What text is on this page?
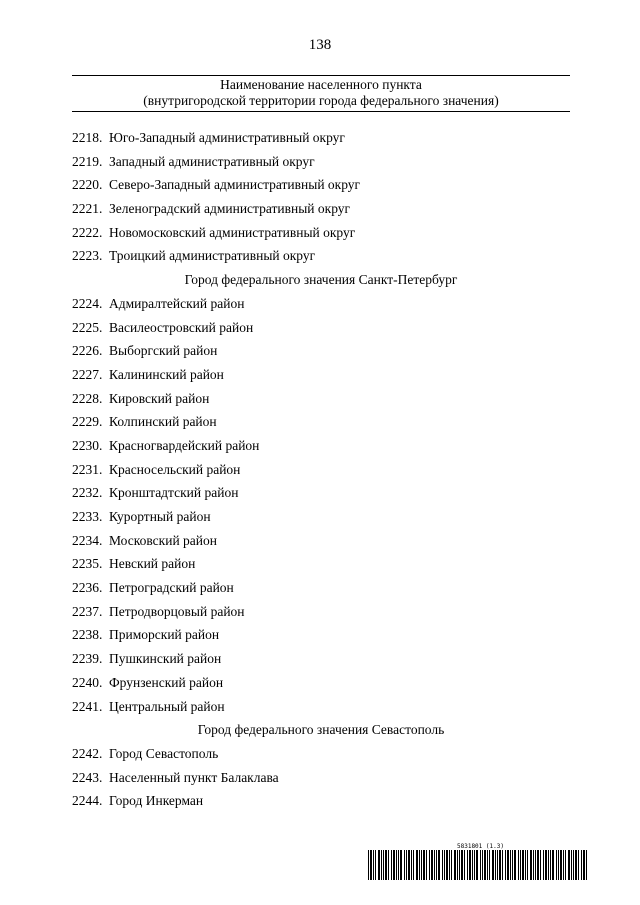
138
Наименование населенного пункта
(внутригородской территории города федерального значения)
2218. Юго-Западный административный округ
2219. Западный административный округ
2220. Северо-Западный административный округ
2221. Зеленоградский административный округ
2222. Новомосковский административный округ
2223. Троицкий административный округ
Город федерального значения Санкт-Петербург
2224. Адмиралтейский район
2225. Василеостровский район
2226. Выборгский район
2227. Калининский район
2228. Кировский район
2229. Колпинский район
2230. Красногвардейский район
2231. Красносельский район
2232. Кронштадтский район
2233. Курортный район
2234. Московский район
2235. Невский район
2236. Петроградский район
2237. Петродворцовый район
2238. Приморский район
2239. Пушкинский район
2240. Фрунзенский район
2241. Центральный район
Город федерального значения Севастополь
2242. Город Севастополь
2243. Населенный пункт Балаклава
2244. Город Инкерман
5831801 (1.3)
